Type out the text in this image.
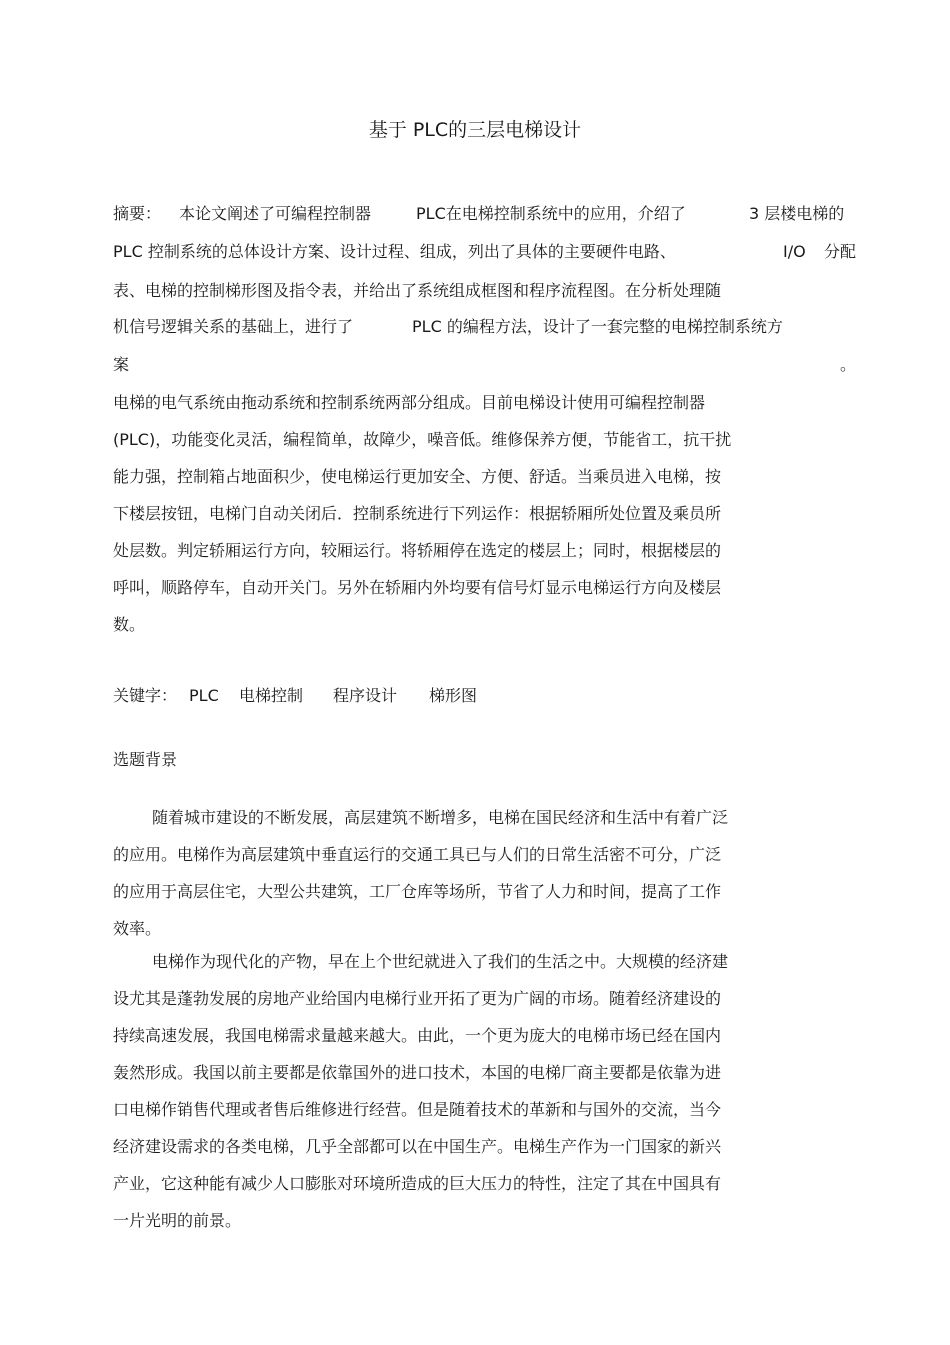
基于 PLC的三层电梯设计
摘要： 本论文阐述了可编程控制器	PLC在电梯控制系统中的应用，介绍了	3 层楼电梯的
PLC 控制系统的总体设计方案、设计过程、组成，列出了具体的主要硬件电路、	I/O 分配
表、电梯的控制梯形图及指令表，并给出了系统组成框图和程序流程图。在分析处理随
机信号逻辑关系的基础上，进行了	PLC 的编程方法，设计了一套完整的电梯控制系统方
案	。
电梯的电气系统由拖动系统和控制系统两部分组成。目前电梯设计使用可编程控制器
(PLC)，功能变化灵活，编程简单，故障少，噪音低。维修保养方便，节能省工，抗干扰
能力强，控制箱占地面积少，使电梯运行更加安全、方便、舒适。当乘员进入电梯，按
下楼层按钮，电梯门自动关闭后．控制系统进行下列运作：根据轿厢所处位置及乘员所
处层数。判定轿厢运行方向，较厢运行。将轿厢停在选定的楼层上；同时，根据楼层的
呼叫，顺路停车，自动开关门。另外在轿厢内外均要有信号灯显示电梯运行方向及楼层
数。
关键字： PLC 电梯控制 程序设计 梯形图
选题背景
随着城市建设的不断发展，高层建筑不断增多，电梯在国民经济和生活中有着广泛
的应用。电梯作为高层建筑中垂直运行的交通工具已与人们的日常生活密不可分，广泛
的应用于高层住宅，大型公共建筑，工厂仓库等场所，节省了人力和时间，提高了工作
效率。
电梯作为现代化的产物，早在上个世纪就进入了我们的生活之中。大规模的经济建
设尤其是蓬勃发展的房地产业给国内电梯行业开拓了更为广阔的市场。随着经济建设的
持续高速发展，我国电梯需求量越来越大。由此，一个更为庞大的电梯市场已经在国内
轰然形成。我国以前主要都是依靠国外的进口技术，本国的电梯厂商主要都是依靠为进
口电梯作销售代理或者售后维修进行经营。但是随着技术的革新和与国外的交流，当今
经济建设需求的各类电梯，几乎全部都可以在中国生产。电梯生产作为一门国家的新兴
产业，它这种能有减少人口膨胀对环境所造成的巨大压力的特性，注定了其在中国具有
一片光明的前景。
